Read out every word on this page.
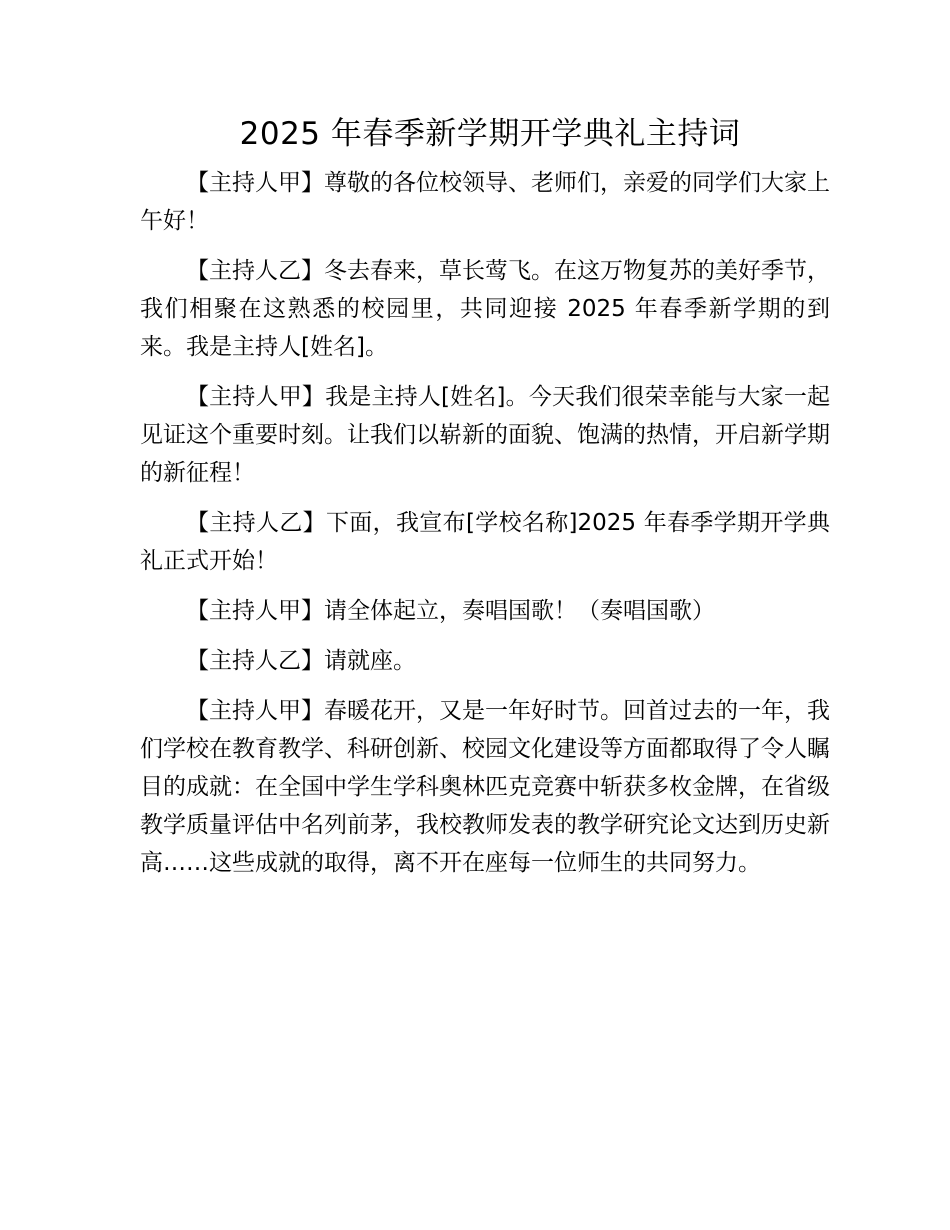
2025 年春季新学期开学典礼主持词

【主持人甲】尊敬的各位校领导、老师们，亲爱的同学们大家上午好！

【主持人乙】冬去春来，草长莺飞。在这万物复苏的美好季节，我们相聚在这熟悉的校园里，共同迎接 2025 年春季新学期的到来。我是主持人[姓名]。

【主持人甲】我是主持人[姓名]。今天我们很荣幸能与大家一起见证这个重要时刻。让我们以崭新的面貌、饱满的热情，开启新学期的新征程！

【主持人乙】下面，我宣布[学校名称]2025 年春季学期开学典礼正式开始！

【主持人甲】请全体起立，奏唱国歌！（奏唱国歌）

【主持人乙】请就座。

【主持人甲】春暖花开，又是一年好时节。回首过去的一年，我们学校在教育教学、科研创新、校园文化建设等方面都取得了令人瞩目的成就：在全国中学生学科奥林匹克竞赛中斩获多枚金牌，在省级教学质量评估中名列前茅，我校教师发表的教学研究论文达到历史新高……这些成就的取得，离不开在座每一位师生的共同努力。
